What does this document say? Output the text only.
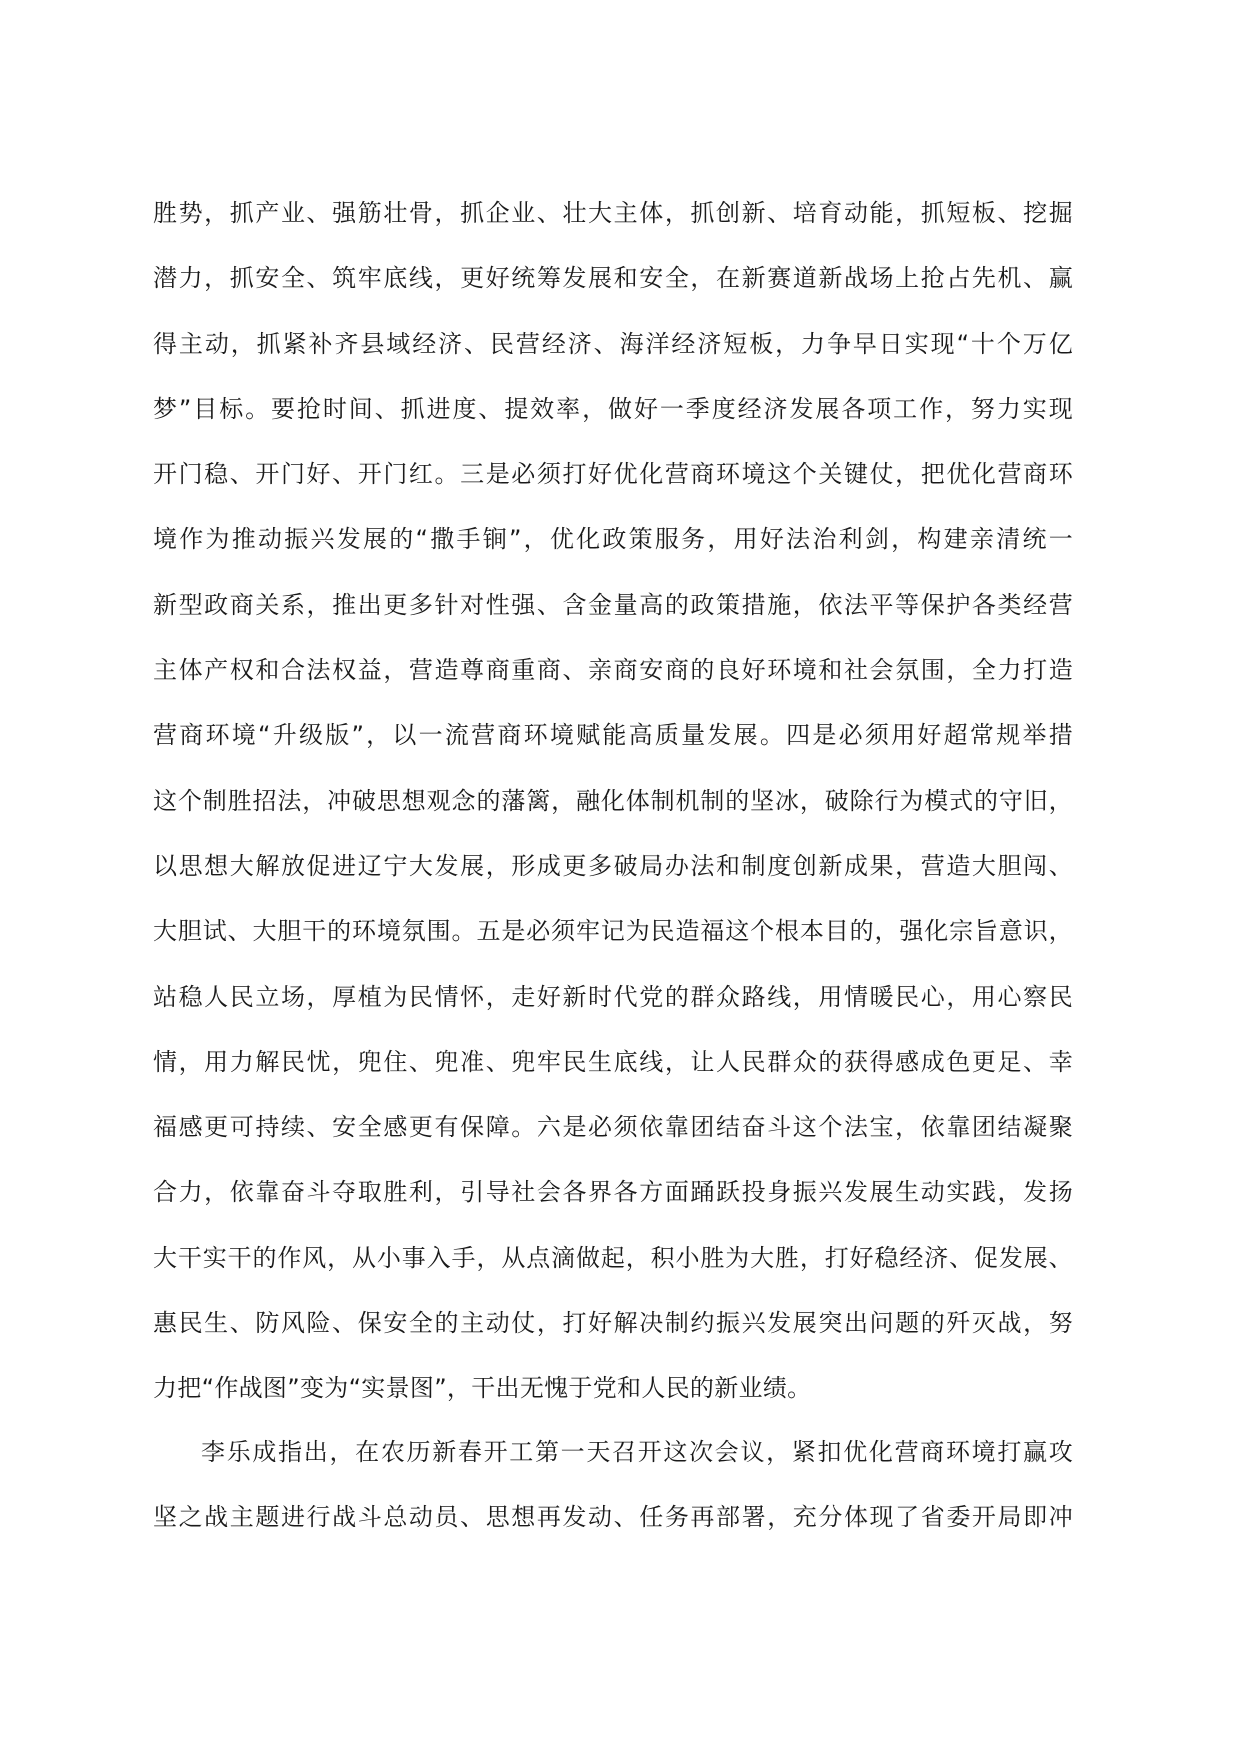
胜势，抓产业、强筋壮骨，抓企业、壮大主体，抓创新、培育动能，抓短板、挖掘
潜力，抓安全、筑牢底线，更好统筹发展和安全，在新赛道新战场上抢占先机、赢
得主动，抓紧补齐县域经济、民营经济、海洋经济短板，力争早日实现“十个万亿
梦”目标。要抢时间、抓进度、提效率，做好一季度经济发展各项工作，努力实现
开门稳、开门好、开门红。三是必须打好优化营商环境这个关键仗，把优化营商环
境作为推动振兴发展的“撒手锏”，优化政策服务，用好法治利剑，构建亲清统一
新型政商关系，推出更多针对性强、含金量高的政策措施，依法平等保护各类经营
主体产权和合法权益，营造尊商重商、亲商安商的良好环境和社会氛围，全力打造
营商环境“升级版”，以一流营商环境赋能高质量发展。四是必须用好超常规举措
这个制胜招法，冲破思想观念的藩篱，融化体制机制的坚冰，破除行为模式的守旧，
以思想大解放促进辽宁大发展，形成更多破局办法和制度创新成果，营造大胆闯、
大胆试、大胆干的环境氛围。五是必须牢记为民造福这个根本目的，强化宗旨意识，
站稳人民立场，厚植为民情怀，走好新时代党的群众路线，用情暖民心，用心察民
情，用力解民忧，兜住、兜准、兜牢民生底线，让人民群众的获得感成色更足、幸
福感更可持续、安全感更有保障。六是必须依靠团结奋斗这个法宝，依靠团结凝聚
合力，依靠奋斗夺取胜利，引导社会各界各方面踊跃投身振兴发展生动实践，发扬
大干实干的作风，从小事入手，从点滴做起，积小胜为大胜，打好稳经济、促发展、
惠民生、防风险、保安全的主动仗，打好解决制约振兴发展突出问题的歼灭战，努
力把“作战图”变为“实景图”，干出无愧于党和人民的新业绩。
李乐成指出，在农历新春开工第一天召开这次会议，紧扣优化营商环境打赢攻
坚之战主题进行战斗总动员、思想再发动、任务再部署，充分体现了省委开局即冲
